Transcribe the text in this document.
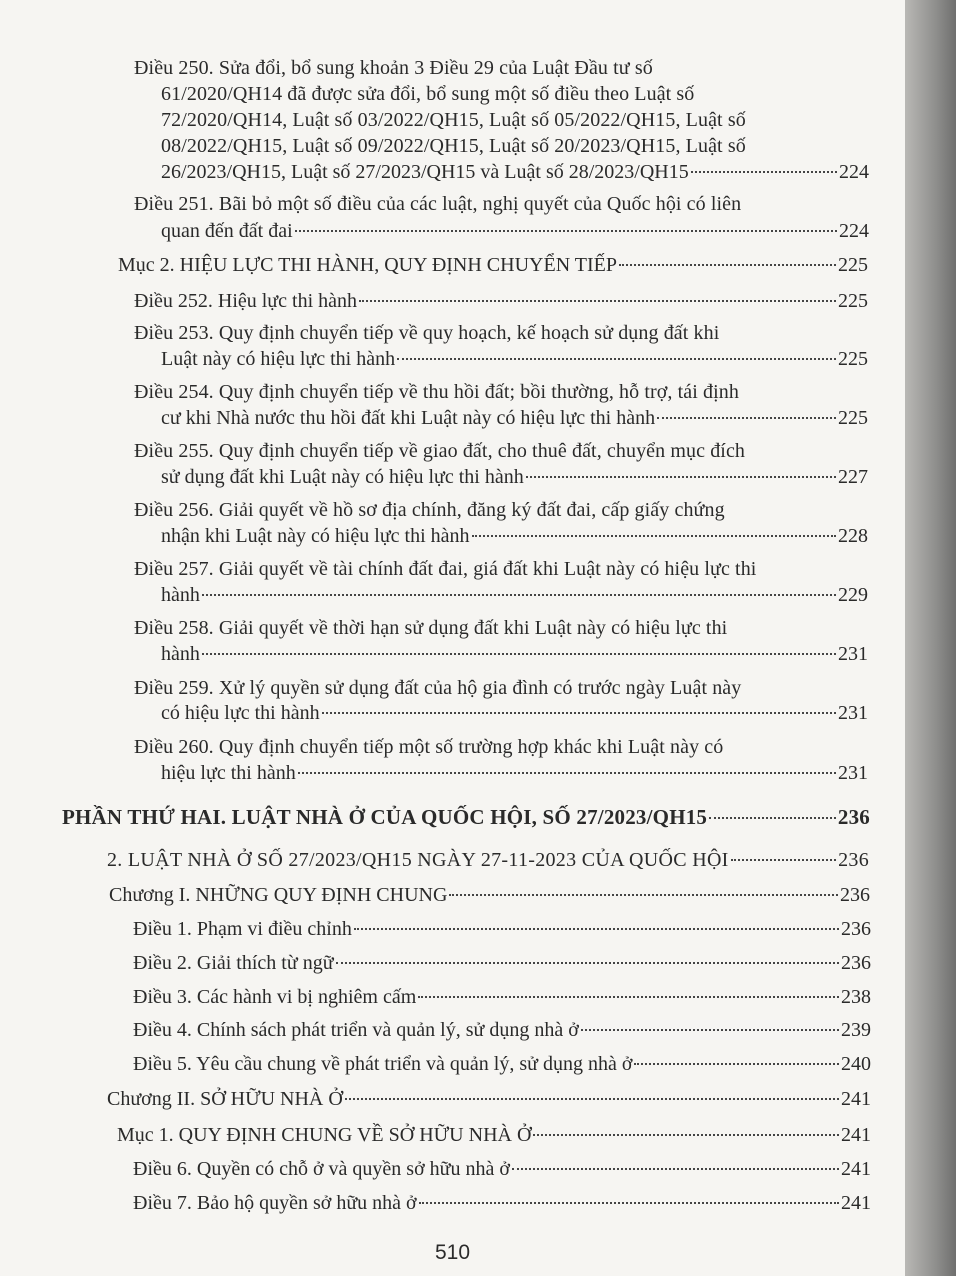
Điều 250. Sửa đổi, bổ sung khoản 3 Điều 29 của Luật Đầu tư số
61/2020/QH14 đã được sửa đổi, bổ sung một số điều theo Luật số
72/2020/QH14, Luật số 03/2022/QH15, Luật số 05/2022/QH15, Luật số
08/2022/QH15, Luật số 09/2022/QH15, Luật số 20/2023/QH15, Luật số
26/2023/QH15, Luật số 27/2023/QH15 và Luật số 28/2023/QH15	224
Điều 251. Bãi bỏ một số điều của các luật, nghị quyết của Quốc hội có liên
quan đến đất đai	224
Mục 2. HIỆU LỰC THI HÀNH, QUY ĐỊNH CHUYỂN TIẾP	225
Điều 252. Hiệu lực thi hành	225
Điều 253. Quy định chuyển tiếp về quy hoạch, kế hoạch sử dụng đất khi
Luật này có hiệu lực thi hành	225
Điều 254. Quy định chuyển tiếp về thu hồi đất; bồi thường, hỗ trợ, tái định
cư khi Nhà nước thu hồi đất khi Luật này có hiệu lực thi hành	225
Điều 255. Quy định chuyển tiếp về giao đất, cho thuê đất, chuyển mục đích
sử dụng đất khi Luật này có hiệu lực thi hành	227
Điều 256. Giải quyết về hồ sơ địa chính, đăng ký đất đai, cấp giấy chứng
nhận khi Luật này có hiệu lực thi hành	228
Điều 257. Giải quyết về tài chính đất đai, giá đất khi Luật này có hiệu lực thi
hành	229
Điều 258. Giải quyết về thời hạn sử dụng đất khi Luật này có hiệu lực thi
hành	231
Điều 259. Xử lý quyền sử dụng đất của hộ gia đình có trước ngày Luật này
có hiệu lực thi hành	231
Điều 260. Quy định chuyển tiếp một số trường hợp khác khi Luật này có
hiệu lực thi hành	231
PHẦN THỨ HAI. LUẬT NHÀ Ở CỦA QUỐC HỘI, SỐ 27/2023/QH15	236
2. LUẬT NHÀ Ở SỐ 27/2023/QH15 NGÀY 27-11-2023 CỦA QUỐC HỘI	236
Chương I. NHỮNG QUY ĐỊNH CHUNG	236
Điều 1. Phạm vi điều chỉnh	236
Điều 2. Giải thích từ ngữ	236
Điều 3. Các hành vi bị nghiêm cấm	238
Điều 4. Chính sách phát triển và quản lý, sử dụng nhà ở	239
Điều 5. Yêu cầu chung về phát triển và quản lý, sử dụng nhà ở	240
Chương II. SỞ HỮU NHÀ Ở	241
Mục 1. QUY ĐỊNH CHUNG VỀ SỞ HỮU NHÀ Ở	241
Điều 6. Quyền có chỗ ở và quyền sở hữu nhà ở	241
Điều 7. Bảo hộ quyền sở hữu nhà ở	241
510
